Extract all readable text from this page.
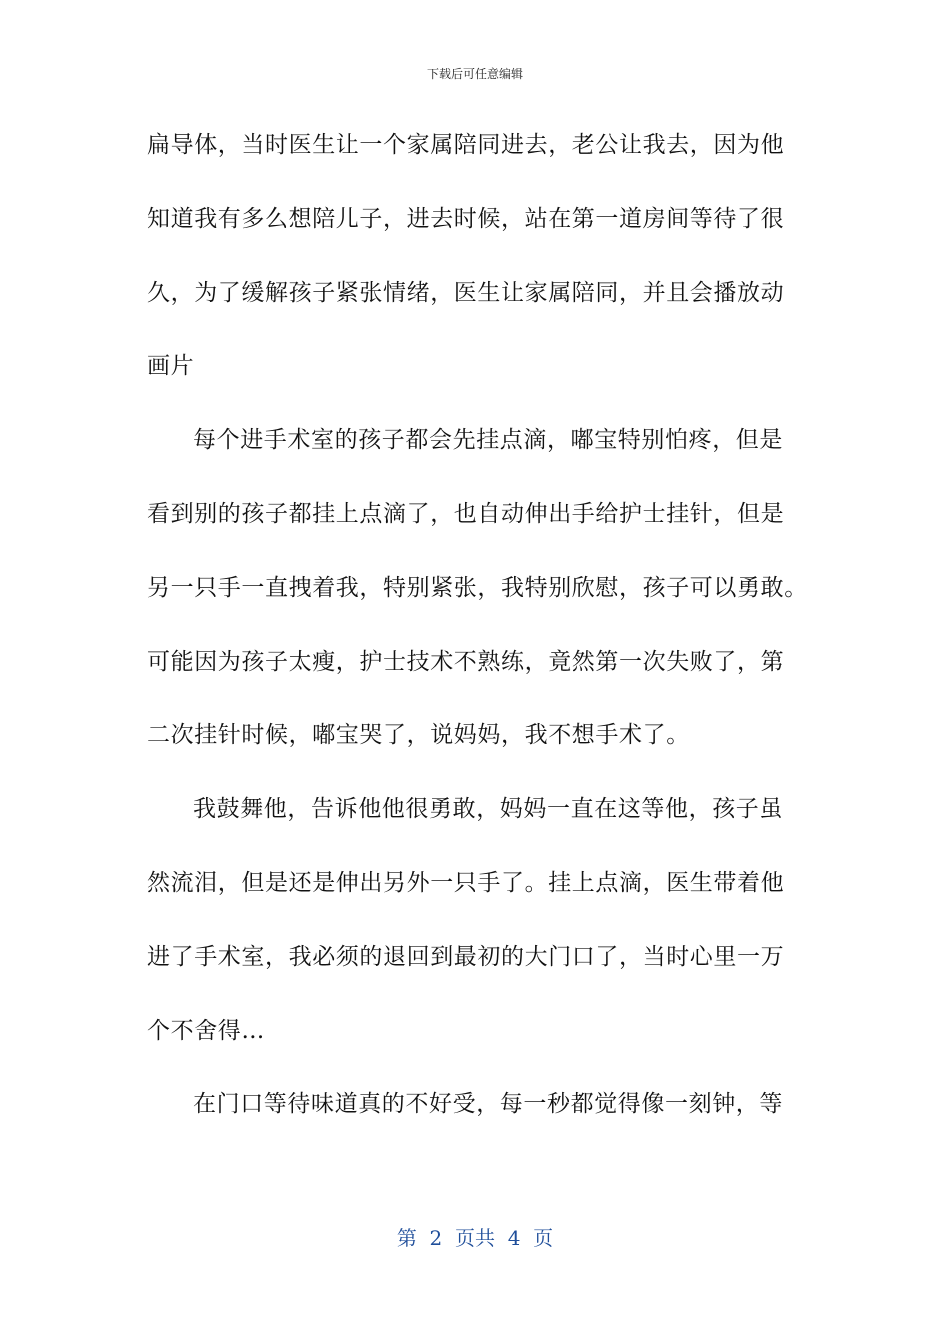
下载后可任意编辑
扁导体，当时医生让一个家属陪同进去，老公让我去，因为他
知道我有多么想陪儿子，进去时候，站在第一道房间等待了很
久，为了缓解孩子紧张情绪，医生让家属陪同，并且会播放动
画片
每个进手术室的孩子都会先挂点滴，嘟宝特别怕疼，但是
看到别的孩子都挂上点滴了，也自动伸出手给护士挂针，但是
另一只手一直拽着我，特别紧张，我特别欣慰，孩子可以勇敢。
可能因为孩子太瘦，护士技术不熟练，竟然第一次失败了，第
二次挂针时候，嘟宝哭了，说妈妈，我不想手术了。
我鼓舞他，告诉他他很勇敢，妈妈一直在这等他，孩子虽
然流泪，但是还是伸出另外一只手了。挂上点滴，医生带着他
进了手术室，我必须的退回到最初的大门口了，当时心里一万
个不舍得…
在门口等待味道真的不好受，每一秒都觉得像一刻钟，等
第  2  页共  4  页
